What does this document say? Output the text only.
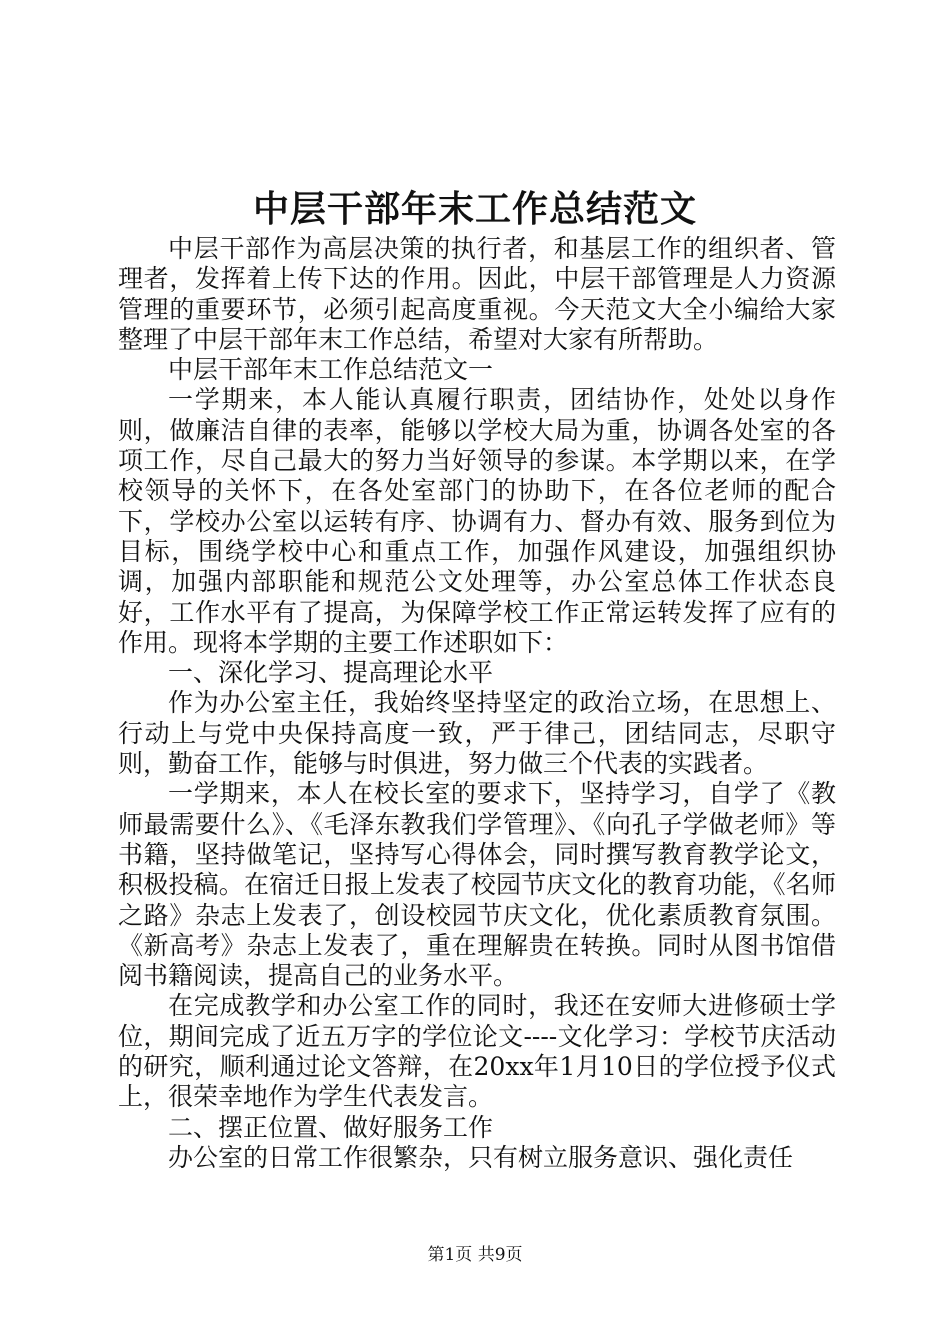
中层干部年末工作总结范文

中层干部作为高层决策的执行者，和基层工作的组织者、管理者，发挥着上传下达的作用。因此，中层干部管理是人力资源管理的重要环节，必须引起高度重视。今天范文大全小编给大家整理了中层干部年末工作总结，希望对大家有所帮助。

中层干部年末工作总结范文一

一学期来，本人能认真履行职责，团结协作，处处以身作则，做廉洁自律的表率，能够以学校大局为重，协调各处室的各项工作，尽自己最大的努力当好领导的参谋。本学期以来，在学校领导的关怀下，在各处室部门的协助下，在各位老师的配合下，学校办公室以运转有序、协调有力、督办有效、服务到位为目标，围绕学校中心和重点工作，加强作风建设，加强组织协调，加强内部职能和规范公文处理等，办公室总体工作状态良好，工作水平有了提高，为保障学校工作正常运转发挥了应有的作用。现将本学期的主要工作述职如下：

一、深化学习、提高理论水平

作为办公室主任，我始终坚持坚定的政治立场，在思想上、行动上与党中央保持高度一致，严于律己，团结同志，尽职守则，勤奋工作，能够与时俱进，努力做三个代表的实践者。

一学期来，本人在校长室的要求下，坚持学习，自学了《教师最需要什么》、《毛泽东教我们学管理》、《向孔子学做老师》等书籍，坚持做笔记，坚持写心得体会，同时撰写教育教学论文，积极投稿。在宿迁日报上发表了校园节庆文化的教育功能，《名师之路》杂志上发表了，创设校园节庆文化，优化素质教育氛围。《新高考》杂志上发表了，重在理解贵在转换。同时从图书馆借阅书籍阅读，提高自己的业务水平。

在完成教学和办公室工作的同时，我还在安师大进修硕士学位，期间完成了近五万字的学位论文----文化学习：学校节庆活动的研究，顺利通过论文答辩，在20xx年1月10日的学位授予仪式上，很荣幸地作为学生代表发言。

二、摆正位置、做好服务工作

办公室的日常工作很繁杂，只有树立服务意识、强化责任

第1页 共9页
